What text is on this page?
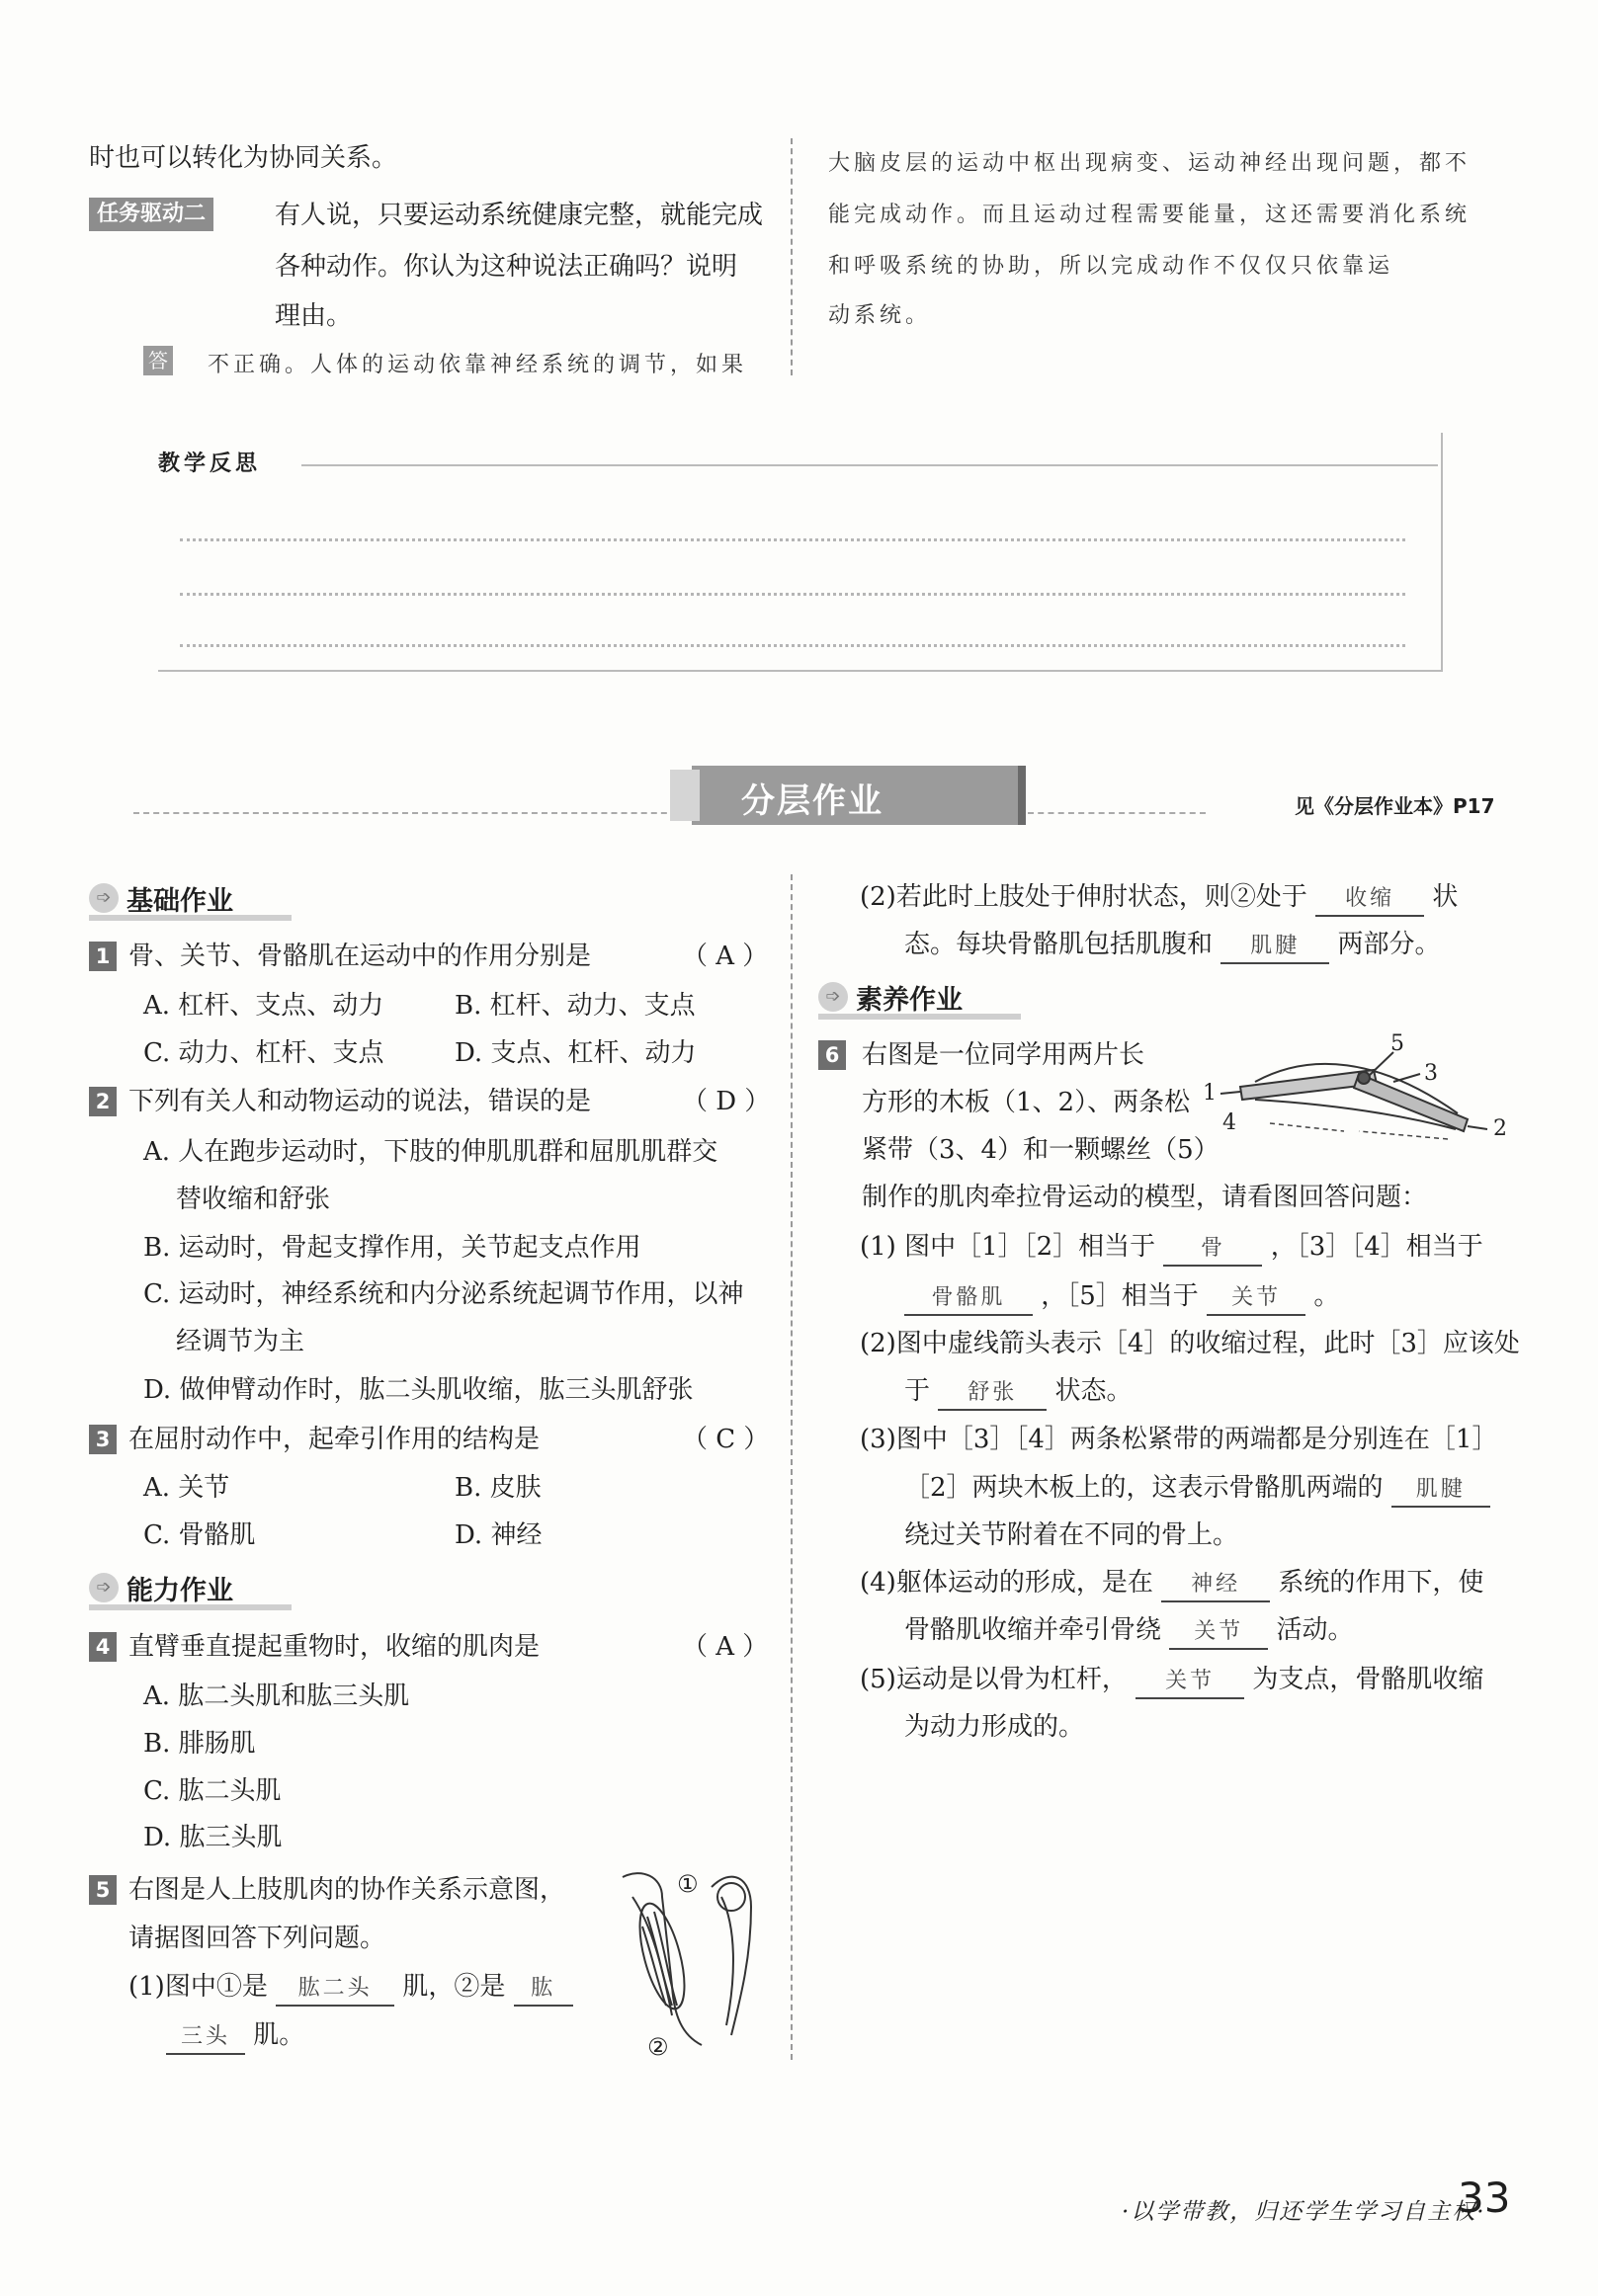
时也可以转化为协同关系。
任务驱动二	有人说，只要运动系统健康完整，就能完成
各种动作。你认为这种说法正确吗？说明
理由。
答 不正确。人体的运动依靠神经系统的调节，如果
大脑皮层的运动中枢出现病变、运动神经出现问题，都不
能完成动作。而且运动过程需要能量，这还需要消化系统
和呼吸系统的协助，所以完成动作不仅仅只依靠运
动系统。
教学反思
分层作业	见《分层作业本》P17
➩ 基础作业
1 骨、关节、骨骼肌在运动中的作用分别是	（ A ）
A. 杠杆、支点、动力	B. 杠杆、动力、支点
C. 动力、杠杆、支点	D. 支点、杠杆、动力
2 下列有关人和动物运动的说法，错误的是	（ D ）
A. 人在跑步运动时，下肢的伸肌肌群和屈肌肌群交
替收缩和舒张
B. 运动时，骨起支撑作用，关节起支点作用
C. 运动时，神经系统和内分泌系统起调节作用，以神
经调节为主
D. 做伸臂动作时，肱二头肌收缩，肱三头肌舒张
3 在屈肘动作中，起牵引作用的结构是	（ C ）
A. 关节	B. 皮肤
C. 骨骼肌	D. 神经
➩ 能力作业
4 直臂垂直提起重物时，收缩的肌肉是	（ A ）
A. 肱二头肌和肱三头肌
B. 腓肠肌
C. 肱二头肌
D. 肱三头肌
5 右图是人上肢肌肉的协作关系示意图，
请据图回答下列问题。
(1)图中①是 肱二头 肌，②是 肱
三头 肌。
①
②
(2)若此时上肢处于伸肘状态，则②处于 收缩 状
态。每块骨骼肌包括肌腹和 肌腱 两部分。
➩ 素养作业
6 右图是一位同学用两片长
方形的木板（1、2）、两条松
紧带（3、4）和一颗螺丝（5）
制作的肌肉牵拉骨运动的模型，请看图回答问题：
1
2
3
4
5
(1) 图中［1］［2］相当于 骨 ，［3］［4］相当于
骨骼肌 ，［5］相当于 关节 。
(2)图中虚线箭头表示［4］的收缩过程，此时［3］应该处
于 舒张 状态。
(3)图中［3］［4］两条松紧带的两端都是分别连在［1］
［2］两块木板上的，这表示骨骼肌两端的 肌腱
绕过关节附着在不同的骨上。
(4)躯体运动的形成，是在 神经 系统的作用下，使
骨骼肌收缩并牵引骨绕 关节 活动。
(5)运动是以骨为杠杆， 关节 为支点，骨骼肌收缩
为动力形成的。
·以学带教，归还学生学习自主权·
33
